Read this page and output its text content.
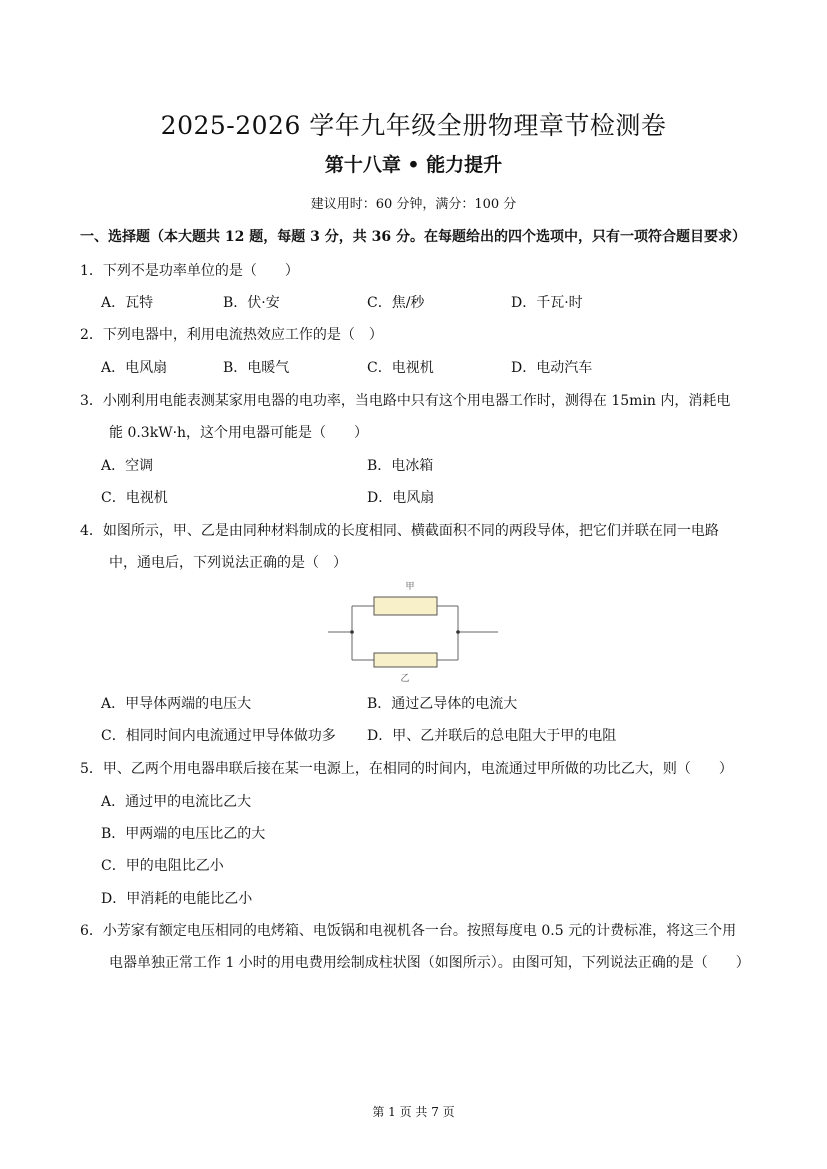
2025-2026 学年九年级全册物理章节检测卷
第十八章 • 能力提升
建议用时：60 分钟，满分：100 分
一、选择题（本大题共 12 题，每题 3 分，共 36 分。在每题给出的四个选项中，只有一项符合题目要求）
1．下列不是功率单位的是（　　）
A．瓦特	B．伏·安	C．焦/秒	D．千瓦·时
2．下列电器中，利用电流热效应工作的是（　）
A．电风扇	B．电暖气	C．电视机	D．电动汽车
3．小刚利用电能表测某家用电器的电功率，当电路中只有这个用电器工作时，测得在 15min 内，消耗电
能 0.3kW·h，这个用电器可能是（　　）
A．空调	B．电冰箱
C．电视机	D．电风扇
4．如图所示，甲、乙是由同种材料制成的长度相同、横截面积不同的两段导体，把它们并联在同一电路
中，通电后，下列说法正确的是（　）
甲
乙
A．甲导体两端的电压大	B．通过乙导体的电流大
C．相同时间内电流通过甲导体做功多 D．甲、乙并联后的总电阻大于甲的电阻
5．甲、乙两个用电器串联后接在某一电源上，在相同的时间内，电流通过甲所做的功比乙大，则（　　）
A．通过甲的电流比乙大
B．甲两端的电压比乙的大
C．甲的电阻比乙小
D．甲消耗的电能比乙小
6．小芳家有额定电压相同的电烤箱、电饭锅和电视机各一台。按照每度电 0.5 元的计费标准，将这三个用
电器单独正常工作 1 小时的用电费用绘制成柱状图（如图所示）。由图可知，下列说法正确的是（　　）
第 1 页 共 7 页
